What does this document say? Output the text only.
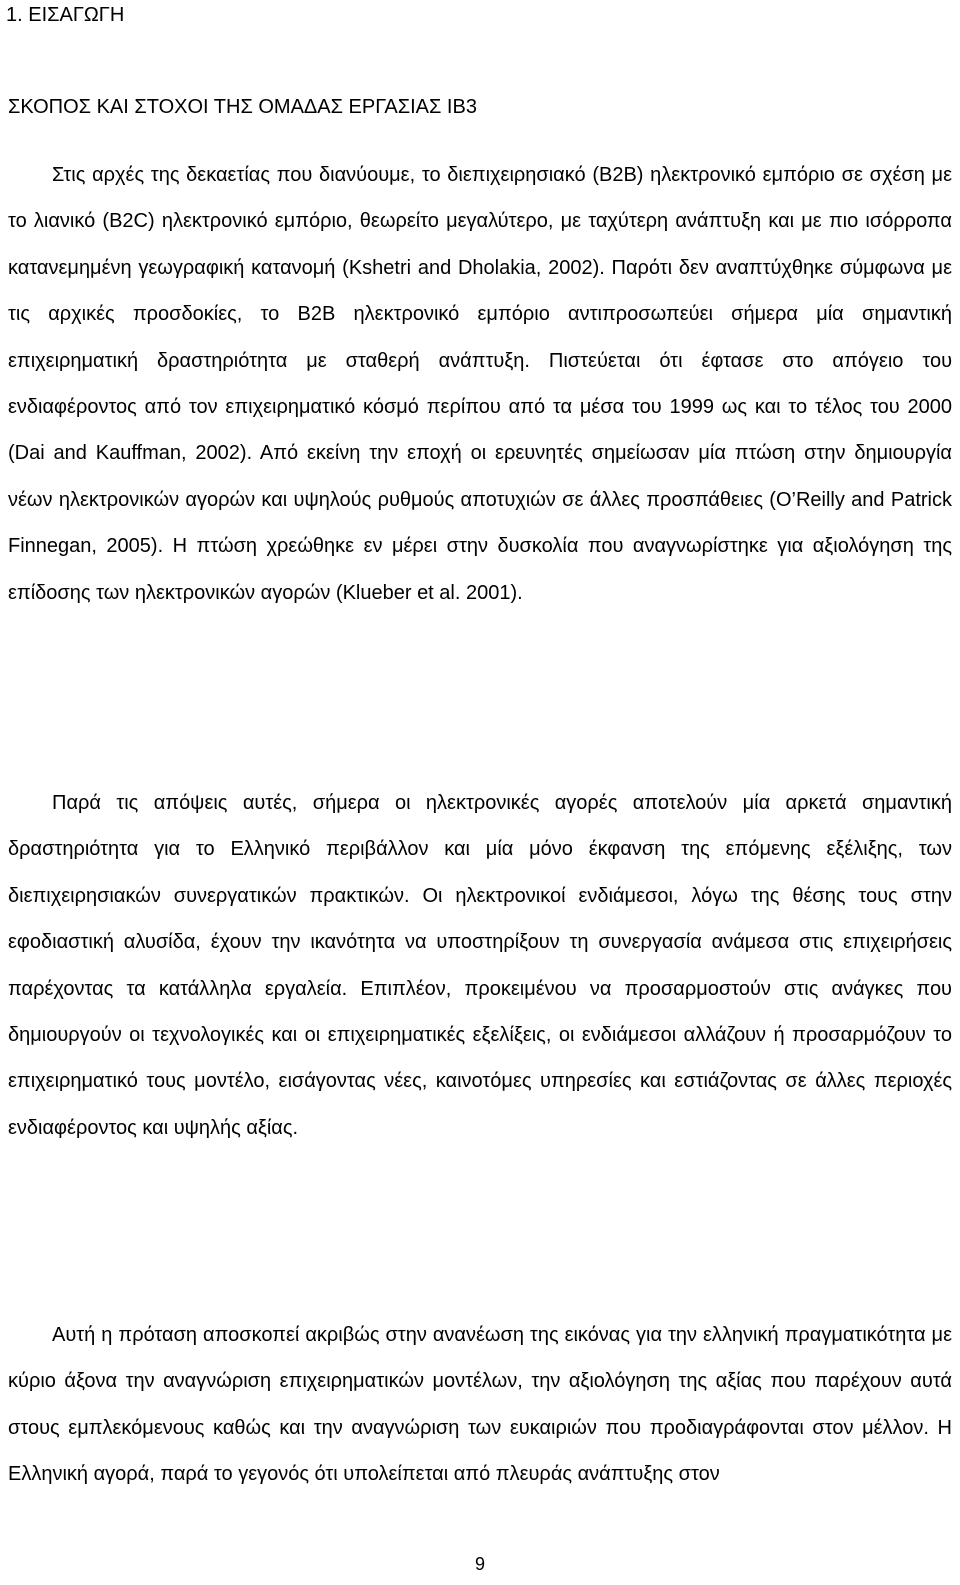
1. ΕΙΣΑΓΩΓΗ
ΣΚΟΠΟΣ ΚΑΙ ΣΤΟΧΟΙ ΤΗΣ ΟΜΑΔΑΣ ΕΡΓΑΣΙΑΣ ΙΒ3

Στις αρχές της δεκαετίας που διανύουμε, το διεπιχειρησιακό (Β2Β) ηλεκτρονικό εμπόριο σε σχέση με το λιανικό (B2C) ηλεκτρονικό εμπόριο, θεωρείτο μεγαλύτερο, με ταχύτερη ανάπτυξη και με πιο ισόρροπα κατανεμημένη γεωγραφική κατανομή (Kshetri and Dholakia, 2002). Παρότι δεν αναπτύχθηκε σύμφωνα με τις αρχικές προσδοκίες, το B2B ηλεκτρονικό εμπόριο αντιπροσωπεύει σήμερα μία σημαντική επιχειρηματική δραστηριότητα με σταθερή ανάπτυξη. Πιστεύεται ότι έφτασε στο απόγειο του ενδιαφέροντος από τον επιχειρηματικό κόσμό περίπου από τα μέσα του 1999 ως και το τέλος του 2000 (Dai and Kauffman, 2002). Από εκείνη την εποχή οι ερευνητές σημείωσαν μία πτώση στην δημιουργία νέων ηλεκτρονικών αγορών και υψηλούς ρυθμούς αποτυχιών σε άλλες προσπάθειες (O’Reilly and Patrick Finnegan, 2005). Η πτώση χρεώθηκε εν μέρει στην δυσκολία που αναγνωρίστηκε για αξιολόγηση της επίδοσης των ηλεκτρονικών αγορών (Klueber et al. 2001).

Παρά τις απόψεις αυτές, σήμερα οι ηλεκτρονικές αγορές αποτελούν μία αρκετά σημαντική δραστηριότητα για το Ελληνικό περιβάλλον και μία μόνο έκφανση της επόμενης εξέλιξης, των διεπιχειρησιακών συνεργατικών πρακτικών. Οι ηλεκτρονικοί ενδιάμεσοι, λόγω της θέσης τους στην εφοδιαστική αλυσίδα, έχουν την ικανότητα να υποστηρίξουν τη συνεργασία ανάμεσα στις επιχειρήσεις παρέχοντας τα κατάλληλα εργαλεία. Επιπλέον, προκειμένου να προσαρμοστούν στις ανάγκες που δημιουργούν οι τεχνολογικές και οι επιχειρηματικές εξελίξεις, οι ενδιάμεσοι αλλάζουν ή προσαρμόζουν το επιχειρηματικό τους μοντέλο, εισάγοντας νέες, καινοτόμες υπηρεσίες και εστιάζοντας σε άλλες περιοχές ενδιαφέροντος και υψηλής αξίας.

Αυτή η πρόταση αποσκοπεί ακριβώς στην ανανέωση της εικόνας για την ελληνική πραγματικότητα με κύριο άξονα την αναγνώριση επιχειρηματικών μοντέλων, την αξιολόγηση της αξίας που παρέχουν αυτά στους εμπλεκόμενους καθώς και την αναγνώριση των ευκαιριών που προδιαγράφονται στον μέλλον. Η Ελληνική αγορά, παρά το γεγονός ότι υπολείπεται από πλευράς ανάπτυξης στον

9
